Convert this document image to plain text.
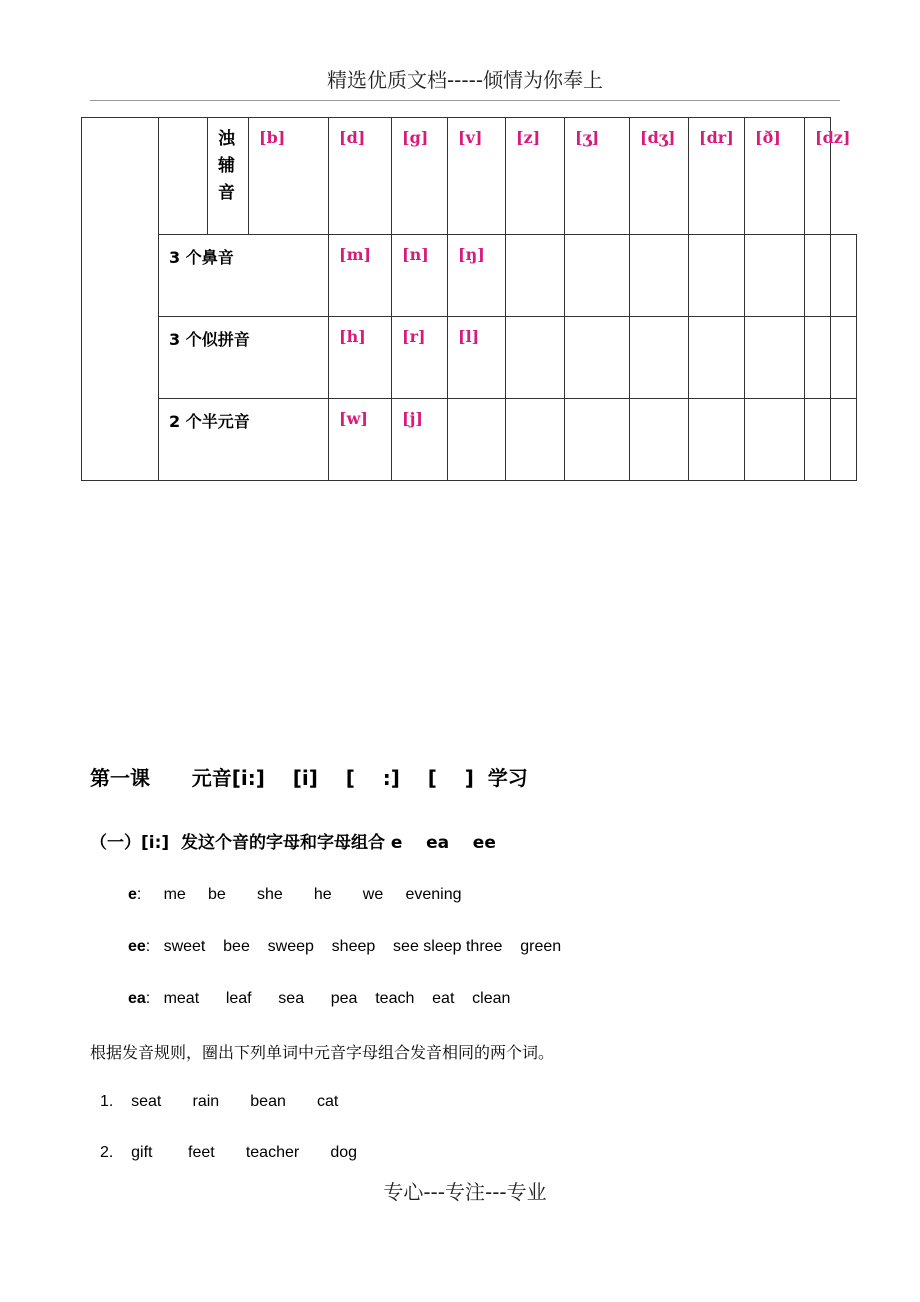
精选优质文档-----倾情为你奉上
		浊
辅
音	[b]	[d]	[g]	[v]	[z]	[ʒ]	[dʒ]	[dr]	[ð]	[dz]	
	3 个鼻音			[m]	[n]	[ŋ]							
	3 个似拼音			[h]	[r]	[l]							
	2 个半元音			[w]	[j]								
第一课      元音[i:]    [i]    [    :]    [    ]  学习
（一）[i:]  发这个音的字母和字母组合 e    ea    ee
e:     me     be       she       he       we     evening
ee:   sweet    bee    sweep    sheep    see sleep three    green
ea:   meat      leaf      sea      pea    teach    eat    clean
根据发音规则，圈出下列单词中元音字母组合发音相同的两个词。
1.    seat       rain       bean       cat
2.    gift        feet       teacher       dog
专心---专注---专业
